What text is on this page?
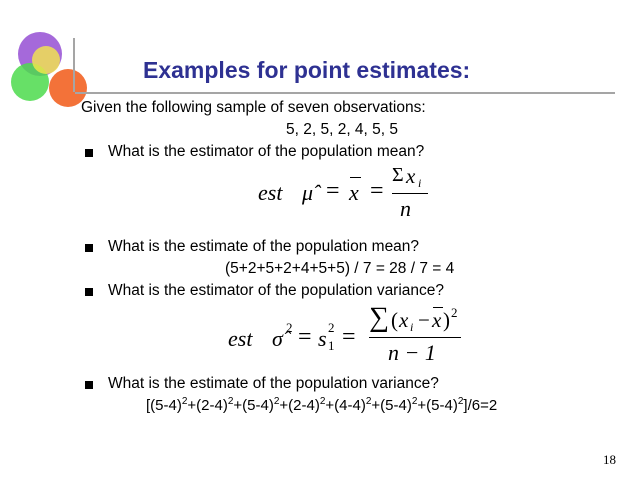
Examples for point estimates:
Given the following sample of seven observations:
5, 2, 5, 2, 4, 5, 5
What is the estimator of the population mean?
est μ̂ = x =
Σ x i
n
What is the estimate of the population mean?
(5+2+5+2+4+5+5) / 7 = 28 / 7 = 4
What is the estimator of the population variance?
est σ̂ 2 = s 2
1 =
∑ ( x i − x ) 2
n − 1
What is the estimate of the population variance?
$[(5-4)^2+(2-4)^2+(5-4)^2+(2-4)^2+(4-4)^2+(5-4)^2+(5-4)^2]/6=2$
18
